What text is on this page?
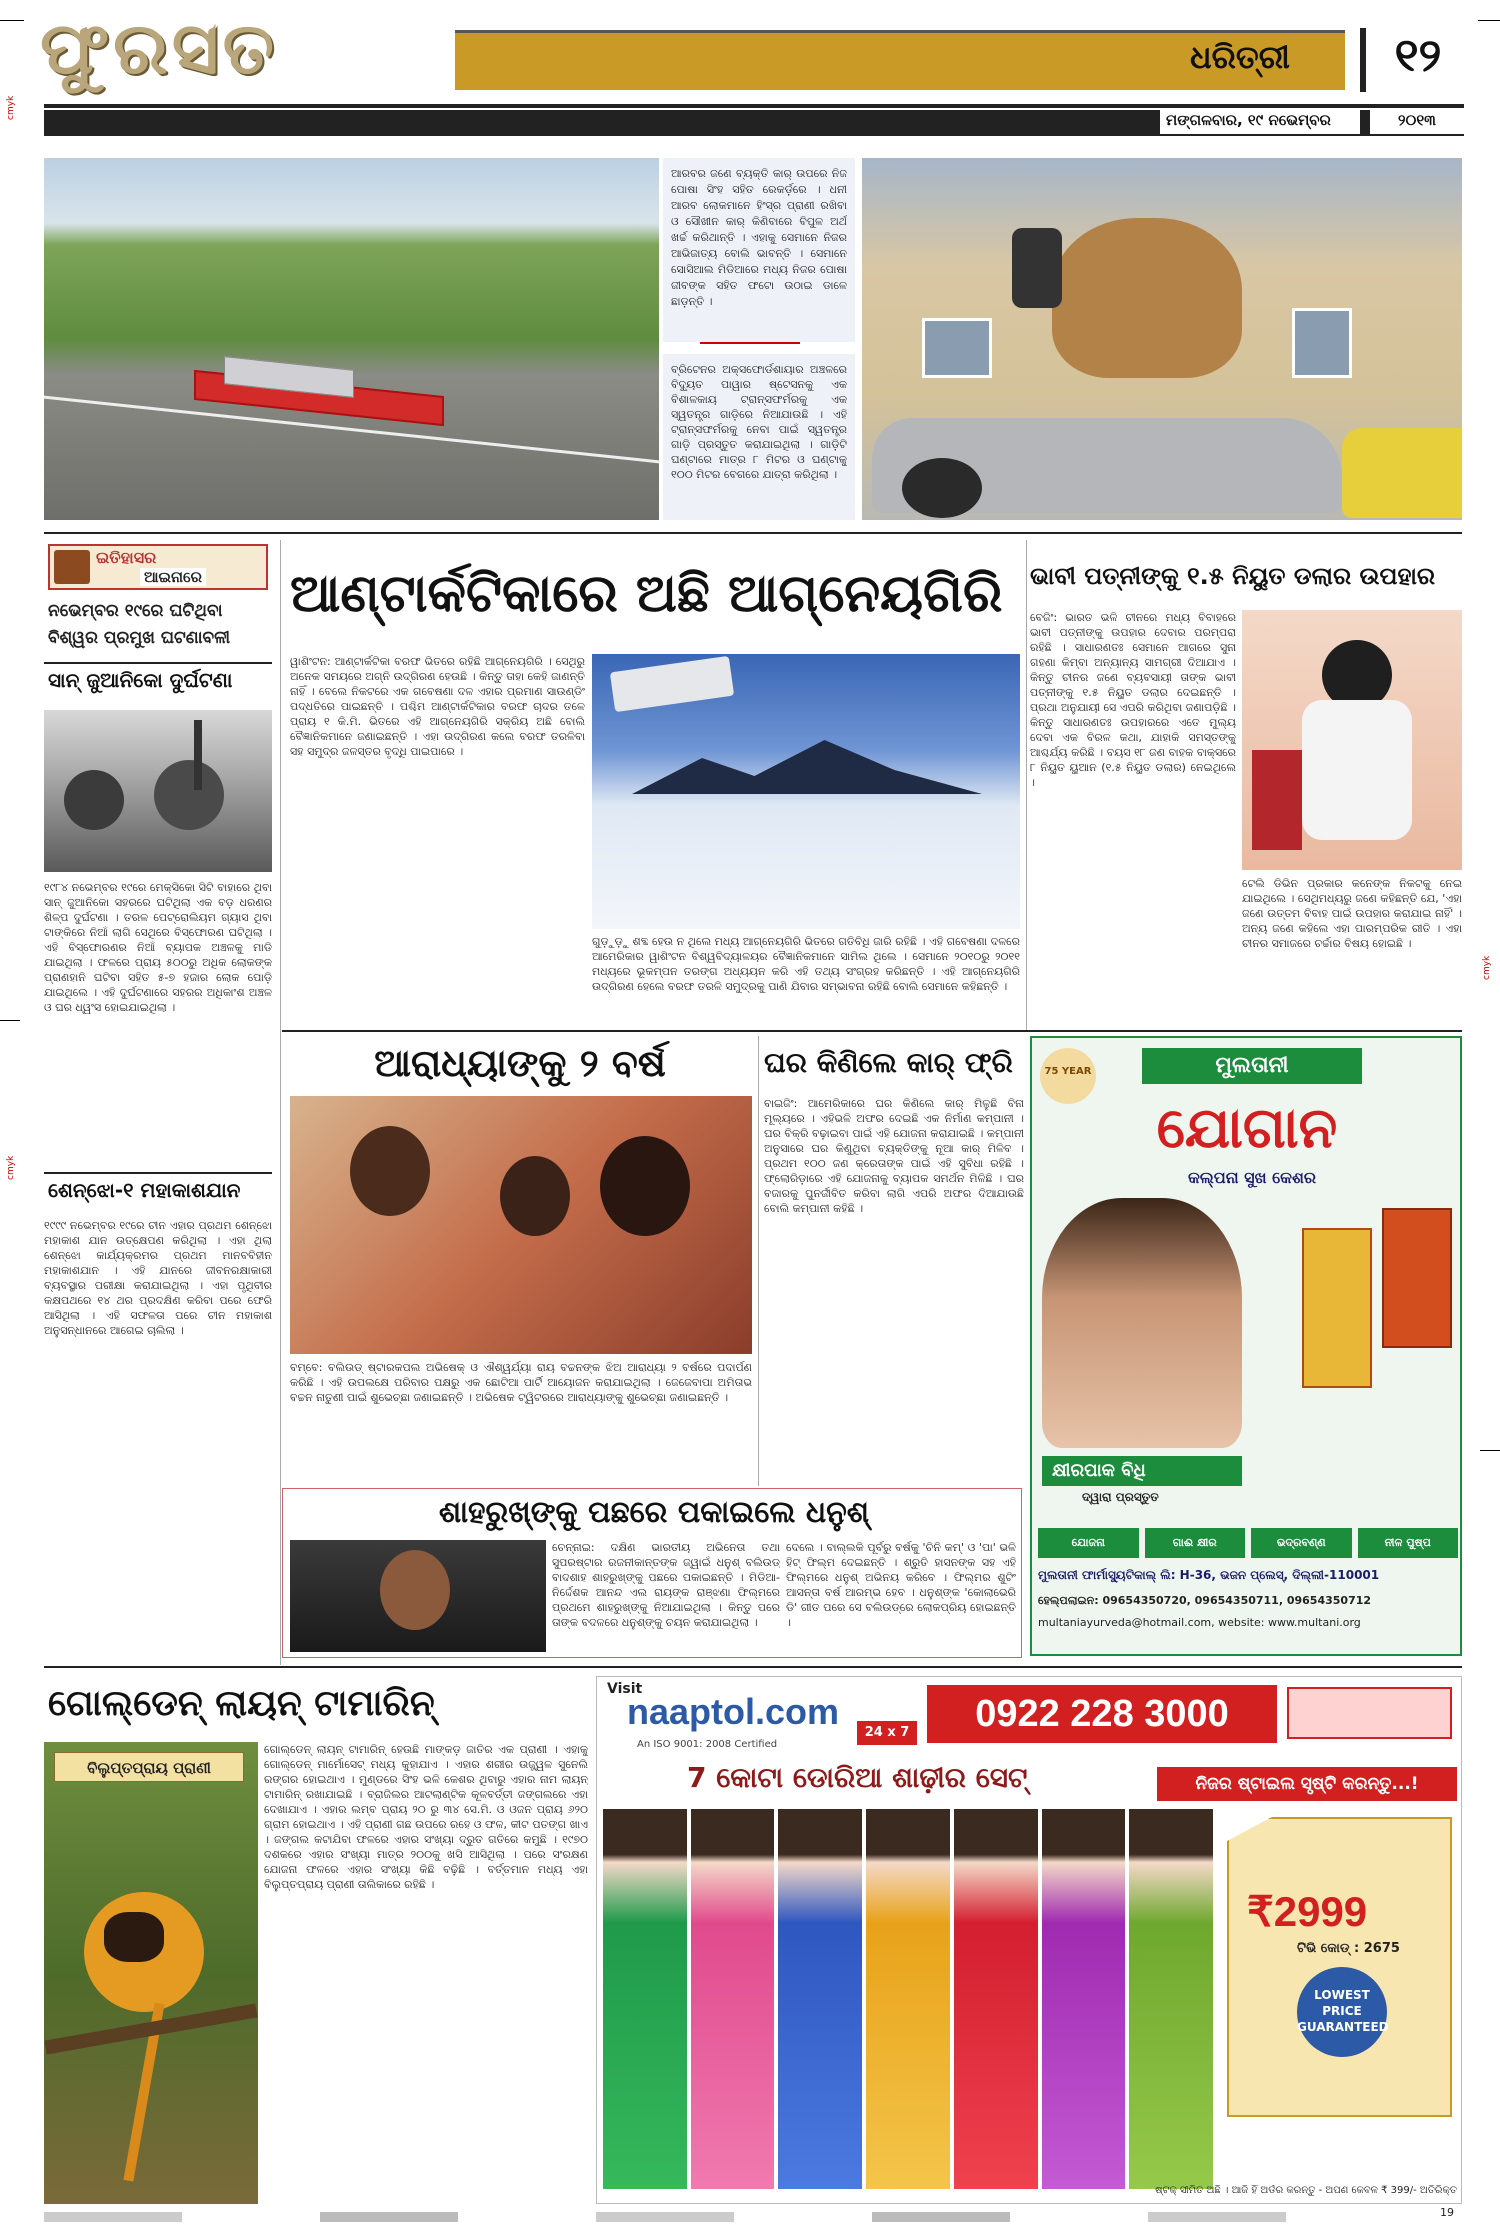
cmyk
cmyk
cmyk
ଫୁରସତ	ଧରିତ୍ରୀ	୧୨
ମଙ୍ଗଳବାର, ୧୯ ନଭେମ୍ବର	୨୦୧୩
ଆରବର ଜଣେ ବ୍ୟକ୍ତି କାର୍ ଉପରେ ନିଜ ପୋଷା ସିଂହ ସହିତ ରେକର୍ଡ଼ରେ । ଧନୀ ଆରବ ଲୋକମାନେ ହିଂସ୍ର ପ୍ରାଣୀ ରଖିବା ଓ ସୌଖୀନ କାର୍ କିଣିବାରେ ବିପୁଳ ଅର୍ଥ ଖର୍ଚ୍ଚ କରିଥାନ୍ତି । ଏହାକୁ ସେମାନେ ନିଜର ଆଭିଜାତ୍ୟ ବୋଲି ଭାବନ୍ତି । ସେମାନେ ସୋସିଆଲ ମିଡିଆରେ ମଧ୍ୟ ନିଜର ପୋଷା ଜୀବଙ୍କ ସହିତ ଫଟୋ ଉଠାଇ ଡାଳେ ଛାଡ଼ନ୍ତି ।
ବ୍ରିଟେନର ଅକ୍ସଫୋର୍ଡଶାୟାର ଅଞ୍ଚଳରେ ବିଦ୍ୟୁତ ପାୱାର ଷ୍ଟେସନକୁ ଏକ ବିଶାଳକାୟ ଟ୍ରାନ୍ସଫର୍ମରକୁ ଏକ ସ୍ୱତନ୍ତ୍ର ଗାଡ଼ିରେ ନିଆଯାଉଛି । ଏହି ଟ୍ରାନ୍ସଫର୍ମରକୁ ନେବା ପାଇଁ ସ୍ୱତନ୍ତ୍ର ଗାଡ଼ି ପ୍ରସ୍ତୁତ କରାଯାଇଥିଲା । ଗାଡ଼ିଟି ଘଣ୍ଟାରେ ମାତ୍ର ୮ ମିଟର ଓ ଘଣ୍ଟାକୁ ୧୦୦ ମିଟର ବେଗରେ ଯାତ୍ରା କରିଥିଲା ।
ଇତିହାସର
ଆଇନାରେ
ନଭେମ୍ବର ୧୯ରେ ଘଟିଥିବା ବିଶ୍ୱର ପ୍ରମୁଖ ଘଟଣାବଳୀ
ସାନ୍ ଜୁଆନିକୋ ଦୁର୍ଘଟଣା
୧୯୮୪ ନଭେମ୍ବର ୧୯ରେ ମେକ୍ସିକୋ ସିଟି ବାହାରେ ଥିବା ସାନ୍ ଜୁଆନିକୋ ସହରରେ ଘଟିଥିଲା ଏକ ବଡ଼ ଧରଣର ଶିଳ୍ପ ଦୁର୍ଘଟଣା । ତରଳ ପେଟ୍ରୋଲିୟମ ଗ୍ୟାସ ଥିବା ଟାଙ୍କିରେ ନିଆଁ ଲାଗି ସେଥିରେ ବିସ୍ଫୋରଣ ଘଟିଥିଲା । ଏହି ବିସ୍ଫୋରଣର ନିଆଁ ବ୍ୟାପକ ଅଞ୍ଚଳକୁ ମାଡି ଯାଇଥିଲା । ଫଳରେ ପ୍ରାୟ ୫୦୦ରୁ ଅଧିକ ଲୋକଙ୍କ ପ୍ରାଣହାନି ଘଟିବା ସହିତ ୫-୭ ହଜାର ଲୋକ ପୋଡ଼ି ଯାଇଥିଲେ । ଏହି ଦୁର୍ଘଟଣାରେ ସହରର ଅଧିକାଂଶ ଅଞ୍ଚଳ ଓ ଘର ଧ୍ୱଂସ ହୋଇଯାଇଥିଲା ।
ଶେନ୍‌ଝୋ-୧ ମହାକାଶଯାନ
୧୯୯୯ ନଭେମ୍ବର ୧୯ରେ ଚୀନ ଏହାର ପ୍ରଥମ ଶେନ୍‌ଝୋ ମହାକାଶ ଯାନ ଉତ୍‌କ୍ଷେପଣ କରିଥିଲା । ଏହା ଥିଲା ଶେନ୍‌ଝୋ କାର୍ଯ୍ୟକ୍ରମର ପ୍ରଥମ ମାନବବିହୀନ ମହାକାଶଯାନ । ଏହି ଯାନରେ ଜୀବନରକ୍ଷାକାରୀ ବ୍ୟବସ୍ଥାର ପରୀକ୍ଷା କରାଯାଇଥିଲା । ଏହା ପୃଥିବୀର କକ୍ଷପଥରେ ୧୪ ଥର ପ୍ରଦକ୍ଷିଣ କରିବା ପରେ ଫେରି ଆସିଥିଲା । ଏହି ସଫଳତା ପରେ ଚୀନ ମହାକାଶ ଅନୁସନ୍ଧାନରେ ଆଗେଇ ଚାଲିଲା ।
ଆଣ୍ଟାର୍କଟିକାରେ ଅଛି ଆଗ୍ନେୟଗିରି
ୱାଶିଂଟନ: ଆଣ୍ଟାର୍କଟିକା ବରଫ ଭିତରେ ରହିଛି ଆଗ୍ନେୟଗିରି । ସେଥିରୁ ଅନେକ ସମୟରେ ଅଗ୍ନି ଉଦ୍‌ଗିରଣ ହେଉଛି । କିନ୍ତୁ ତାହା କେହି ଜାଣନ୍ତି ନାହିଁ । ବେଲେ ନିକଟରେ ଏକ ଗବେଷଣା ଦଳ ଏହାର ପ୍ରମାଣ ସାଉଣ୍ଡିଂ ପଦ୍ଧତିରେ ପାଇଛନ୍ତି । ପଶ୍ଚିମ ଆଣ୍ଟାର୍କଟିକାର ବରଫ ଚାଦର ତଳେ ପ୍ରାୟ ୧ କି.ମି. ଭିତରେ ଏହି ଆଗ୍ନେୟଗିରି ସକ୍ରିୟ ଅଛି ବୋଲି ବୈଜ୍ଞାନିକମାନେ ଜଣାଇଛନ୍ତି । ଏହା ଉଦ୍‌ଗିରଣ କଲେ ବରଫ ତରଳିବା ସହ ସମୁଦ୍ର ଜଳସ୍ତର ବୃଦ୍ଧି ପାଇପାରେ ।
ଗୁଡ଼ୁଡ଼ୁ ଶବ୍ଦ ହେଉ ନ ଥିଲେ ମଧ୍ୟ ଆଗ୍ନେୟଗିରି ଭିତରେ ଗତିବିଧି ଜାରି ରହିଛି । ଏହି ଗବେଷଣା ଦଳରେ ଆମେରିକାର ୱାଶିଂଟନ ବିଶ୍ୱବିଦ୍ୟାଳୟର ବୈଜ୍ଞାନିକମାନେ ସାମିଲ ଥିଲେ । ସେମାନେ ୨୦୧୦ରୁ ୨୦୧୧ ମଧ୍ୟରେ ଭୂକମ୍ପନ ତରଙ୍ଗ ଅଧ୍ୟୟନ କରି ଏହି ତଥ୍ୟ ସଂଗ୍ରହ କରିଛନ୍ତି । ଏହି ଆଗ୍ନେୟଗିରି ଉଦ୍‌ଗିରଣ ହେଲେ ବରଫ ତରଳି ସମୁଦ୍ରକୁ ପାଣି ଯିବାର ସମ୍ଭାବନା ରହିଛି ବୋଲି ସେମାନେ କହିଛନ୍ତି ।
ଭାବୀ ପତ୍ନୀଙ୍କୁ ୧.୫ ନିୟୁତ ଡଲାର ଉପହାର
ବେଜିଂ: ଭାରତ ଭଳି ଚୀନରେ ମଧ୍ୟ ବିବାହରେ ଭାବୀ ପତ୍ନୀଙ୍କୁ ଉପହାର ଦେବାର ପରମ୍ପରା ରହିଛି । ସାଧାରଣତଃ ସେମାନେ ଆଗରେ ସୁନା ଗହଣା କିମ୍ବା ଅନ୍ୟାନ୍ୟ ସାମଗ୍ରୀ ଦିଆଯାଏ । କିନ୍ତୁ ଚୀନର ଜଣେ ବ୍ୟବସାୟୀ ତାଙ୍କ ଭାବୀ ପତ୍ନୀଙ୍କୁ ୧.୫ ନିୟୁତ ଡଲାର ଦେଇଛନ୍ତି । ପ୍ରଥା ଅନୁଯାୟୀ ସେ ଏପରି କରିଥିବା ଜଣାପଡ଼ିଛି । କିନ୍ତୁ ସାଧାରଣତଃ ଉପହାରରେ ଏତେ ମୁଲ୍ୟ ଦେବା ଏକ ବିରଳ କଥା, ଯାହାକି ସମସ୍ତଙ୍କୁ ଆଶ୍ଚର୍ଯ୍ୟ କରିଛି । ବୟସ ୧୮ ଜଣ ବାହକ ବାକ୍ସରେ ୮ ନିୟୁତ ୟୁଆନ (୧.୫ ନିୟୁତ ଡଲାର) ନେଇଥିଲେ ।
ଟେଲି ଡିଭିନ ପ୍ରକାର କନେଙ୍କ ନିକଟକୁ ନେଇ ଯାଇଥିଲେ । ସେଥିମଧ୍ୟରୁ ଜଣେ କହିଛନ୍ତି ଯେ, 'ଏହା ଜଣେ ଉତ୍ତମ ବିବାହ ପାଇଁ ଉପହାର କରାଯାଇ ନାହିଁ' । ଅନ୍ୟ ଜଣେ କହିଲେ ଏହା ପାରମ୍ପରିକ ରୀତି । ଏହା ଚୀନର ସମାଜରେ ଚର୍ଚ୍ଚାର ବିଷୟ ହୋଇଛି ।
ଆରାଧ୍ୟାଙ୍କୁ ୨ ବର୍ଷ
ବମ୍ବେ: ବଲିଉଡ୍ ଷ୍ଟାରକପଲ ଅଭିଷେକ୍ ଓ ଐଶ୍ୱର୍ଯ୍ୟା ରାୟ ବଚ୍ଚନଙ୍କ ଝିଅ ଆରାଧ୍ୟା ୨ ବର୍ଷରେ ପଦାର୍ପଣ କରିଛି । ଏହି ଉପଲକ୍ଷେ ପରିବାର ପକ୍ଷରୁ ଏକ ଛୋଟିଆ ପାର୍ଟି ଆୟୋଜନ କରାଯାଇଥିଲା । ଜେଜେବାପା ଅମିତାଭ ବଚ୍ଚନ ନାତୁଣୀ ପାଇଁ ଶୁଭେଚ୍ଛା ଜଣାଇଛନ୍ତି । ଅଭିଷେକ ଟ୍ୱିଟରରେ ଆରାଧ୍ୟାଙ୍କୁ ଶୁଭେଚ୍ଛା ଜଣାଇଛନ୍ତି ।
ଘର କିଣିଲେ କାର୍ ଫ୍ରି
ବାଇଜିଂ: ଆମେରିକାରେ ଘର କିଣିଲେ କାର୍ ମିଳୁଛି ବିନା ମୂଲ୍ୟରେ । ଏହିଭଳି ଅଫର ଦେଇଛି ଏକ ନିର୍ମାଣ କମ୍ପାନୀ । ଘର ବିକ୍ରି ବଢ଼ାଇବା ପାଇଁ ଏହି ଯୋଜନା କରାଯାଇଛି । କମ୍ପାନୀ ଅନୁସାରେ ଘର କିଣୁଥିବା ବ୍ୟକ୍ତିଙ୍କୁ ନୂଆ କାର୍ ମିଳିବ । ପ୍ରଥମ ୧୦୦ ଜଣ କ୍ରେତାଙ୍କ ପାଇଁ ଏହି ସୁବିଧା ରହିଛି । ଫ୍ଲୋରିଡ଼ାରେ ଏହି ଯୋଜନାକୁ ବ୍ୟାପକ ସମର୍ଥନ ମିଳିଛି । ଘର ବଜାରକୁ ପୁନର୍ଜୀବିତ କରିବା ଲାଗି ଏପରି ଅଫର ଦିଆଯାଉଛି ବୋଲି କମ୍ପାନୀ କହିଛି ।
75 YEAR	ମୁଲତାନୀ
ଯୋଗାନ
କଲ୍ପନା ସୁଖ କେଶର
କ୍ଷୀରପାକ ବିଧି
ଦ୍ୱାରା ପ୍ରସ୍ତୁତ
ଯୋଜନା	ଗାଈ କ୍ଷୀର	ଭଦ୍ରବଣ୍ଣ	ନୀଳ ପୁଷ୍ପ
ମୁଲତାନୀ ଫାର୍ମାସ୍ୟୁଟିକାଲ୍ ଲି: H-36, ଭଜନ ପ୍ଲେସ୍, ଦିଲ୍ଲୀ-110001
ହେଲ୍ପଲାଇନ: 09654350720, 09654350711, 09654350712
multaniayurveda@hotmail.com, website: www.multani.org
ଶାହରୁଖ୍‌ଙ୍କୁ ପଛରେ ପକାଇଲେ ଧନୁଶ୍
ଚେନ୍ନାଇ: ଦକ୍ଷିଣ ଭାରତୀୟ ଅଭିନେତା ତଥା ସୁପରଷ୍ଟାର ରଜନୀକାନ୍ତଙ୍କ ଜ୍ୱାଇଁ ଧନୁଶ୍ ବଲିଉଡ୍ ବାଦଶାହ ଶାହରୁଖ୍‌ଙ୍କୁ ପଛରେ ପକାଇଛନ୍ତି । ମିଡିଆ-ନିର୍ଦ୍ଦେଶକ ଆନନ୍ଦ ଏଲ ରାୟଙ୍କ ରାଞ୍ଝଣା ଫିଲ୍ମରେ ପ୍ରଥମେ ଶାହରୁଖ୍‌ଙ୍କୁ ନିଆଯାଇଥିଲା । କିନ୍ତୁ ପରେ ତାଙ୍କ ବଦଳରେ ଧନୁଶ୍‌ଙ୍କୁ ଚୟନ କରାଯାଇଥିଲା ।
ଦେଲେ । ବାଲ୍ଲକି ପୂର୍ବରୁ ବର୍ଷକୁ 'ଚିନି କମ୍' ଓ 'ପା' ଭଳି ହିଟ୍ ଫିଲ୍ମ ଦେଇଛନ୍ତି । ଶ୍ରୁତି ହାସନଙ୍କ ସହ ଏହି ଫିଲ୍ମରେ ଧନୁଶ୍ ଅଭିନୟ କରିବେ । ଫିଲ୍ମର ଶୁଟିଂ ଆସନ୍ତା ବର୍ଷ ଆରମ୍ଭ ହେବ । ଧନୁଶ୍‌ଙ୍କ 'କୋଲାଭେରି ଡି' ଗୀତ ପରେ ସେ ବଲିଉଡ୍‌ରେ ଲୋକପ୍ରିୟ ହୋଇଛନ୍ତି ।
ଗୋଲ୍ଡେନ୍ ଲାୟନ୍ ଟାମାରିନ୍
ବିଲୁପ୍ତପ୍ରାୟ ପ୍ରାଣୀ
ଗୋଲ୍ଡେନ୍ ଲାୟନ୍ ଟାମାରିନ୍ ହେଉଛି ମାଙ୍କଡ଼ ଜାତିର ଏକ ପ୍ରାଣୀ । ଏହାକୁ ଗୋଲ୍ଡେନ୍ ମାର୍ମୋସେଟ୍ ମଧ୍ୟ କୁହାଯାଏ । ଏହାର ଶରୀର ଉଜ୍ଜ୍ୱଳ ସୁନେଲି ରଙ୍ଗର ହୋଇଥାଏ । ମୁଣ୍ଡରେ ସିଂହ ଭଳି କେଶର ଥିବାରୁ ଏହାର ନାମ ଲାୟନ୍ ଟାମାରିନ୍ ରଖାଯାଇଛି । ବ୍ରାଜିଲର ଆଟଲାଣ୍ଟିକ କୂଳବର୍ତ୍ତୀ ଜଙ୍ଗଲରେ ଏହା ଦେଖାଯାଏ । ଏହାର ଲମ୍ବ ପ୍ରାୟ ୨୦ ରୁ ୩୪ ସେ.ମି. ଓ ଓଜନ ପ୍ରାୟ ୬୨୦ ଗ୍ରାମ ହୋଇଥାଏ । ଏହି ପ୍ରାଣୀ ଗଛ ଉପରେ ରହେ ଓ ଫଳ, କୀଟ ପତଙ୍ଗ ଖାଏ । ଜଙ୍ଗଲ କଟାଯିବା ଫଳରେ ଏହାର ସଂଖ୍ୟା ଦ୍ରୁତ ଗତିରେ କମୁଛି । ୧୯୭୦ ଦଶକରେ ଏହାର ସଂଖ୍ୟା ମାତ୍ର ୨୦୦କୁ ଖସି ଆସିଥିଲା । ପରେ ସଂରକ୍ଷଣ ଯୋଜନା ଫଳରେ ଏହାର ସଂଖ୍ୟା କିଛି ବଢ଼ିଛି । ବର୍ତ୍ତମାନ ମଧ୍ୟ ଏହା ବିଲୁପ୍ତପ୍ରାୟ ପ୍ରାଣୀ ତାଲିକାରେ ରହିଛି ।
Visit
naaptol.com
An ISO 9001: 2008 Certified
24 x 7	0922 228 3000
7 କୋଟା ଡୋରିଆ ଶାଢ଼ୀର ସେଟ୍	ନିଜର ଷ୍ଟାଇଲ ସୃଷ୍ଟି କରନ୍ତୁ...!
₹2999
ଟିଭି କୋଡ୍ : 2675
LOWEST PRICE GUARANTEED
ଷ୍ଟକ୍ ସୀମିତ ଅଛି । ଆଜି ହିଁ ଅର୍ଡର କରନ୍ତୁ - ଅପଣ କେବଳ ₹ 399/- ଅତିରିକ୍ତ
19
